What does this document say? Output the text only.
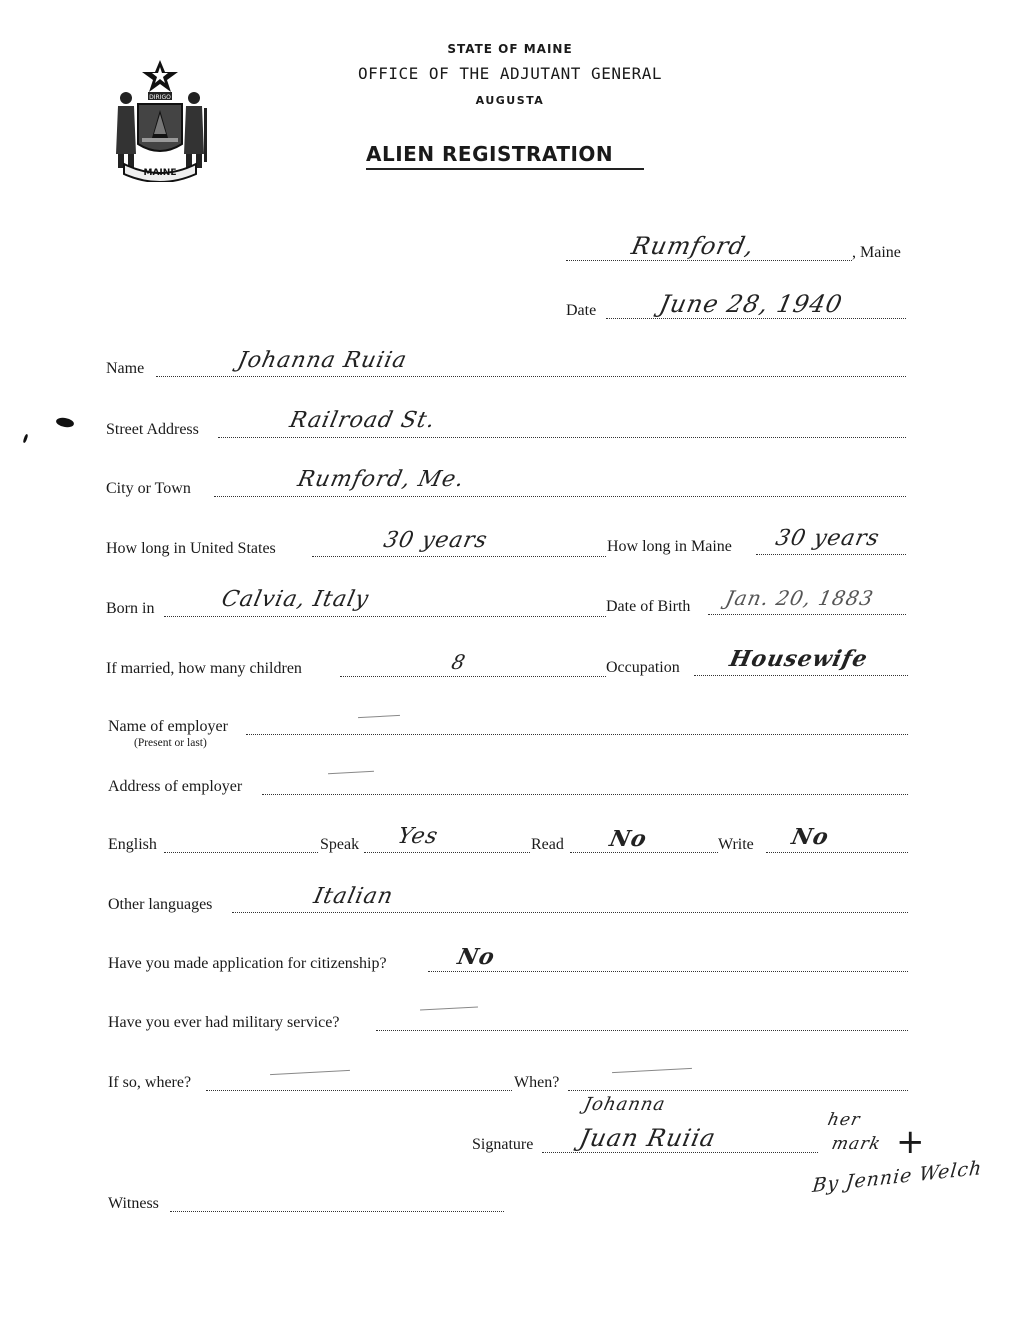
DIRIGO
MAINE
STATE OF MAINE
OFFICE OF THE ADJUTANT GENERAL
AUGUSTA
ALIEN REGISTRATION
Rumford,	, Maine
Date	June 28, 1940
Name	Johanna Ruiia
Street Address	Railroad St.
City or Town	Rumford, Me.
How long in United States	30 years	How long in Maine 30 years
Born in	Calvia, Italy	Date of Birth Jan. 20, 1883
If married, how many children	8	Occupation Housewife
Name of employer
(Present or last)
Address of employer
English	Speak Yes	Read No	Write No
Other languages	Italian
Have you made application for citizenship?	No
Have you ever had military service?
If so, where?	When?
Johanna
Signature Juan Ruiia
her
mark +
By Jennie Welch
Witness
